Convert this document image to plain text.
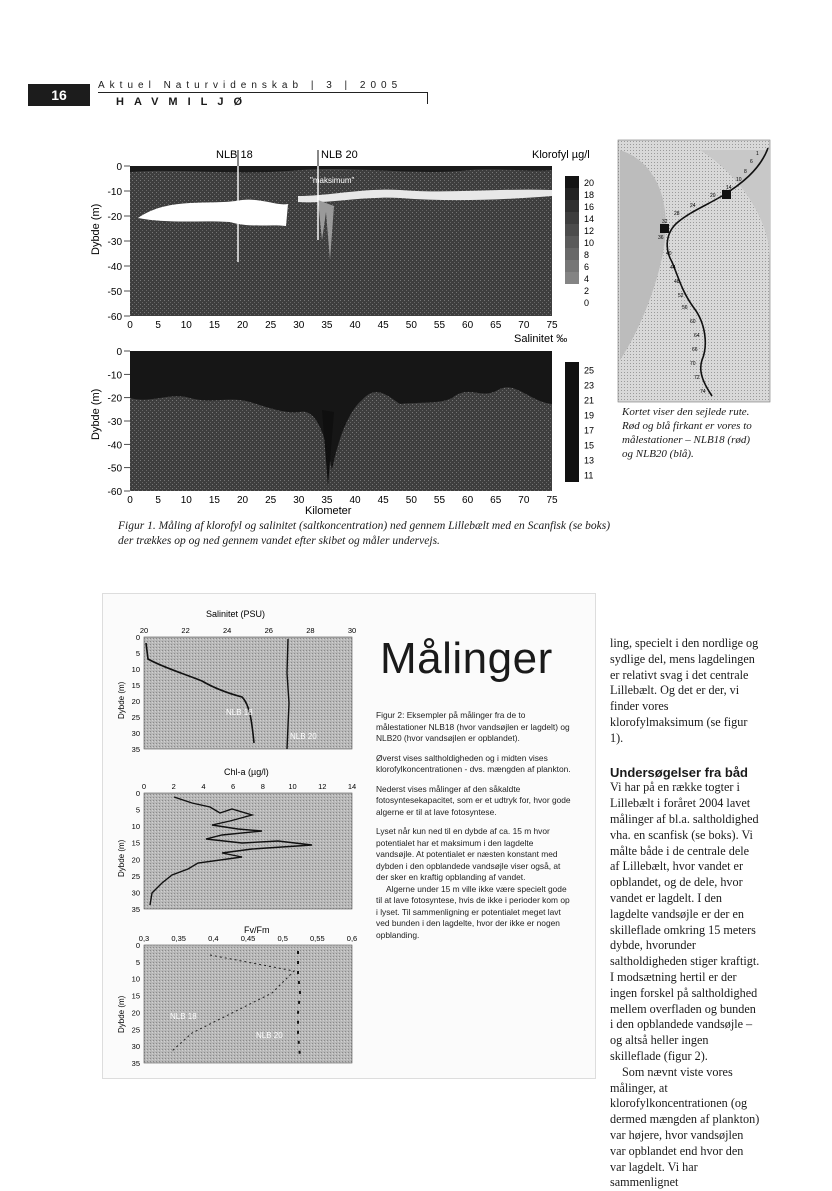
16
Aktuel Naturvidenskab | 3 | 2005
HAVMILJØ
NLB 18	NLB 20
"maksimum"
Klorofyl µg/l
Dybde (m)
0
-10
-20
-30
-40
-50
-60
0 5 10 15 20 25 30 35 40 45 50 55 60 65 70 75
20
18
16
14
12
10
8
6
4
2
0
Salinitet ‰
Dybde (m)
0
-10
-20
-30
-40
-50
-60
0 5 10 15 20 25 30 35 40 45 50 55 60 65 70 75
25
23
21
19
17
15
13
11
Kilometer
1
6
8
10
14
20
24
28
32
36
40
44
48
52
56
60
64
66
70
72
74
Figur 1. Måling af klorofyl og salinitet (saltkoncentration) ned gennem Lillebælt med en Scanfisk (se boks) der trækkes op og ned gennem vandet efter skibet og måler undervejs.
Kortet viser den sejlede rute. Rød og blå firkant er vores to målestationer – NLB18 (rød) og NLB20 (blå).
Salinitet (PSU)
NLB 18
NLB 20
Dybde (m)
20	22	24	26	28	30
0
5
10
15
20
25
30
35
Chl-a (µg/l)
Dybde (m)
0	2	4	6	8	10	12	14
0
5
10
15
20
25
30
35
Fv/Fm
NLB 18
NLB 20
Dybde (m)
0,3	0,35	0,4	0,45	0,5	0,55	0,6
0
5
10
15
20
25
30
35
Målinger

Figur 2: Eksempler på målinger fra de to målestationer NLB18 (hvor vandsøjlen er lagdelt) og NLB20 (hvor vandsøjlen er opblandet).

Øverst vises saltholdigheden og i midten vises klorofylkoncentrationen - dvs. mængden af plankton.

Nederst vises målinger af den såkaldte fotosyntesekapacitet, som er et udtryk for, hvor gode algerne er til at lave fotosyntese.

Lyset når kun ned til en dybde af ca. 15 m hvor potentialet har et maksimum i den lagdelte vandsøjle. At potentialet er næsten konstant med dybden i den opblandede vandsøjle viser også, at der sker en kraftig opblanding af vandet.

Algerne under 15 m ville ikke være specielt gode til at lave fotosyntese, hvis de ikke i perioder kom op i lyset. Til sammenligning er potentialet meget lavt ved bunden i den lagdelte, hvor der ikke er nogen opblanding.

ling, specielt i den nordlige og sydlige del, mens lagdelingen er relativt svag i det centrale Lillebælt. Og det er der, vi finder vores klorofylmaksimum (se figur 1).

Undersøgelser fra båd

Vi har på en række togter i Lillebælt i foråret 2004 lavet målinger af bl.a. saltholdighed vha. en scanfisk (se boks). Vi målte både i de centrale dele af Lillebælt, hvor vandet er opblandet, og de dele, hvor vandet er lagdelt. I den lagdelte vandsøjle er der en skilleflade omkring 15 meters dybde, hvorunder saltholdigheden stiger kraftigt. I modsætning hertil er der ingen forskel på saltholdighed mellem overfladen og bunden i den opblandede vandsøjle – og altså heller ingen skilleflade (figur 2).

Som nævnt viste vores målinger, at klorofylkoncentrationen (og dermed mængden af plankton) var højere, hvor vandsøjlen var opblandet end hvor den var lagdelt. Vi har sammenlignet
